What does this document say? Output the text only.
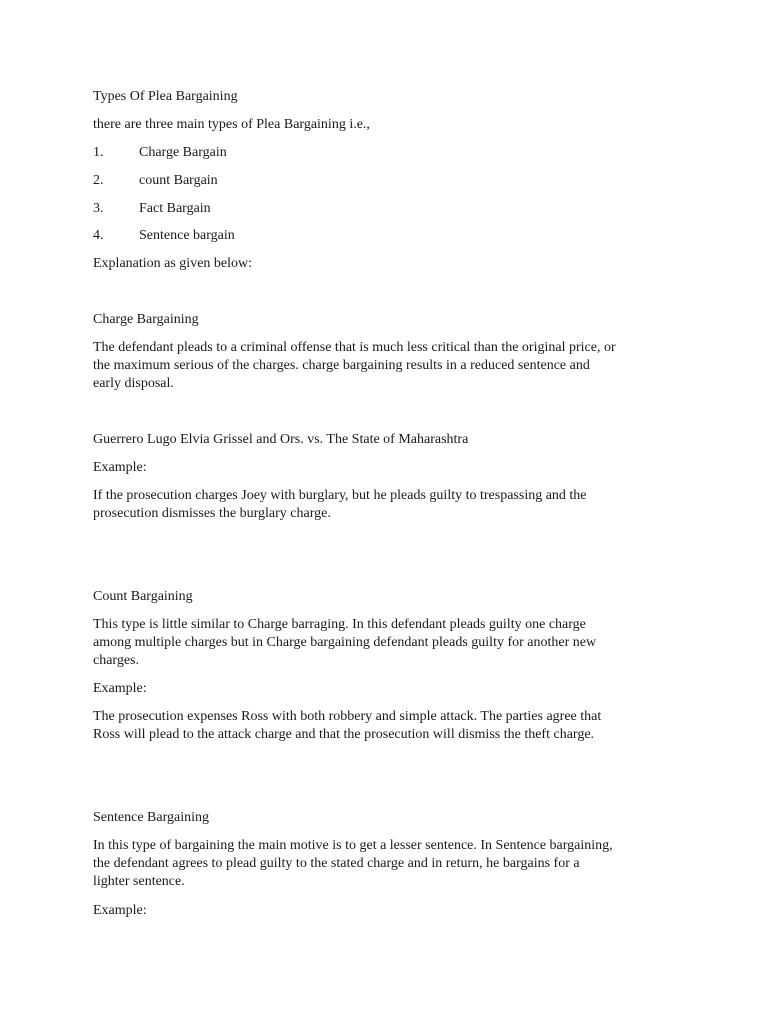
Types Of Plea Bargaining

there are three main types of Plea Bargaining i.e.,

1.	Charge Bargain
2.	count Bargain
3.	Fact Bargain
4.	Sentence bargain

Explanation as given below:

Charge Bargaining

The defendant pleads to a criminal offense that is much less critical than the original price, or

the maximum serious of the charges. charge bargaining results in a reduced sentence and

early disposal.

Guerrero Lugo Elvia Grissel and Ors. vs. The State of Maharashtra

Example:

If the prosecution charges Joey with burglary, but he pleads guilty to trespassing and the

prosecution dismisses the burglary charge.

Count Bargaining

This type is little similar to Charge barraging. In this defendant pleads guilty one charge

among multiple charges but in Charge bargaining defendant pleads guilty for another new

charges.

Example:

The prosecution expenses Ross with both robbery and simple attack. The parties agree that

Ross will plead to the attack charge and that the prosecution will dismiss the theft charge.

Sentence Bargaining

In this type of bargaining the main motive is to get a lesser sentence. In Sentence bargaining,

the defendant agrees to plead guilty to the stated charge and in return, he bargains for a

lighter sentence.

Example:
